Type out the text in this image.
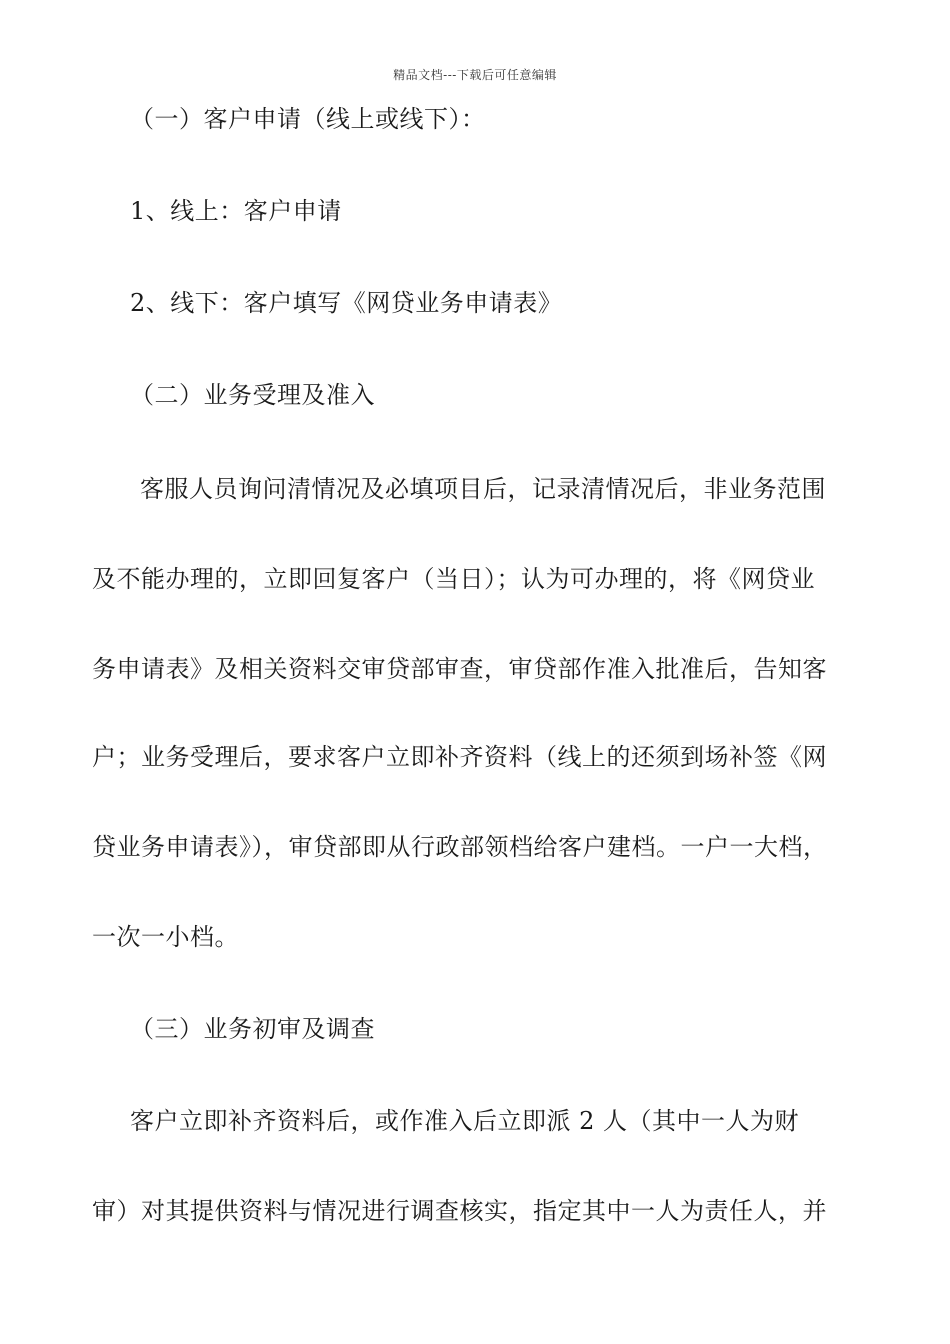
精品文档---下载后可任意编辑
（一）客户申请（线上或线下）：
1、线上：客户申请
2、线下：客户填写《网贷业务申请表》
（二）业务受理及准入
客服人员询问清情况及必填项目后，记录清情况后，非业务范围
及不能办理的，立即回复客户（当日）；认为可办理的，将《网贷业
务申请表》及相关资料交审贷部审查，审贷部作准入批准后，告知客
户；业务受理后，要求客户立即补齐资料（线上的还须到场补签《网
贷业务申请表》），审贷部即从行政部领档给客户建档。一户一大档，
一次一小档。
（三）业务初审及调查
客户立即补齐资料后，或作准入后立即派 2 人（其中一人为财
审）对其提供资料与情况进行调查核实，指定其中一人为责任人，并
